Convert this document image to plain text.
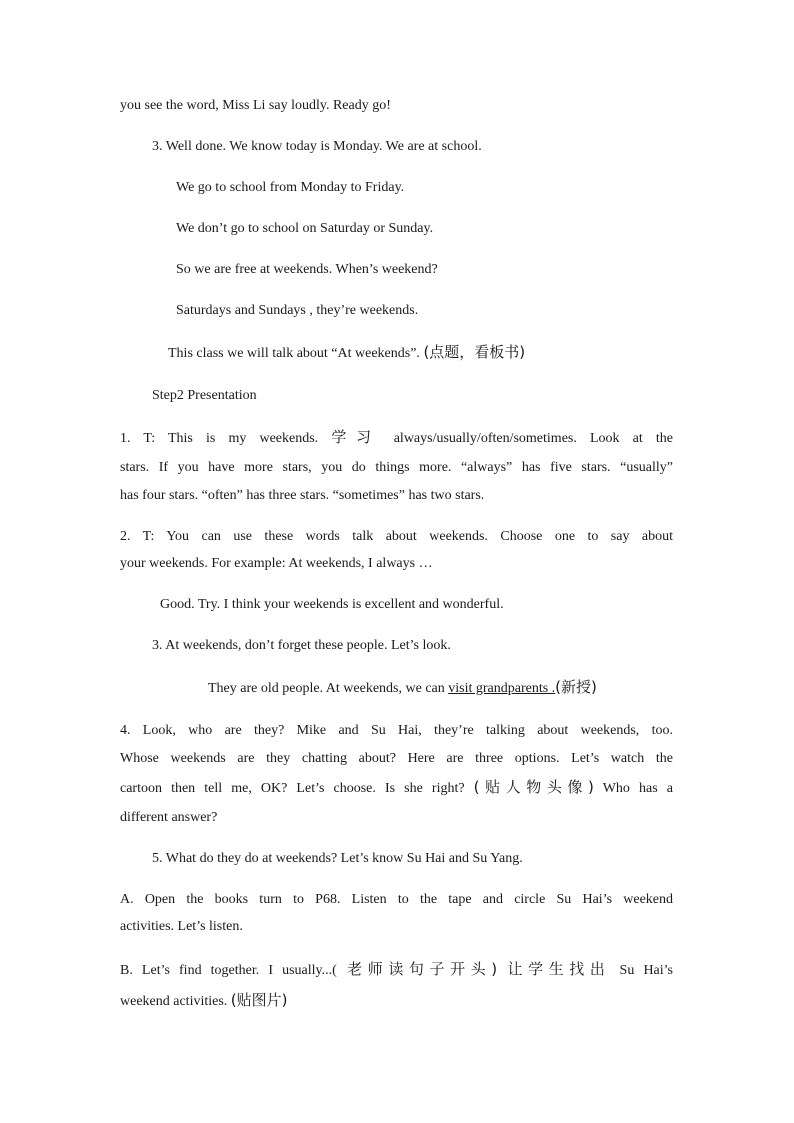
you see the word, Miss Li say loudly. Ready go!
3. Well done. We know today is Monday. We are at school.
We go to school from Monday to Friday.
We don’t go to school on Saturday or Sunday.
So we are free at weekends. When’s weekend?
Saturdays and Sundays , they’re weekends.
This class we will talk about “At weekends”. (点题，看板书)
Step2 Presentation
1. T: This is my weekends. 学习 always/usually/often/sometimes. Look at the
stars. If you have more stars, you do things more. “always” has five stars. “usually”
has four stars. “often” has three stars. “sometimes” has two stars.
2. T: You can use these words talk about weekends. Choose one to say about
your weekends. For example: At weekends, I always …
Good. Try. I think your weekends is excellent and wonderful.
3. At weekends, don’t forget these people. Let’s look.
They are old people. At weekends, we can visit grandparents .(新授)
4. Look, who are they? Mike and Su Hai, they’re talking about weekends, too.
Whose weekends are they chatting about? Here are three options. Let’s watch the
cartoon then tell me, OK? Let’s choose. Is she right? (贴人物头像) Who has a
different answer?
5. What do they do at weekends? Let’s know Su Hai and Su Yang.
A. Open the books turn to P68. Listen to the tape and circle Su Hai’s weekend
activities. Let’s listen.
B. Let’s find together. I usually...( 老师读句子开头) 让学生找出 Su Hai’s
weekend activities. (贴图片)
